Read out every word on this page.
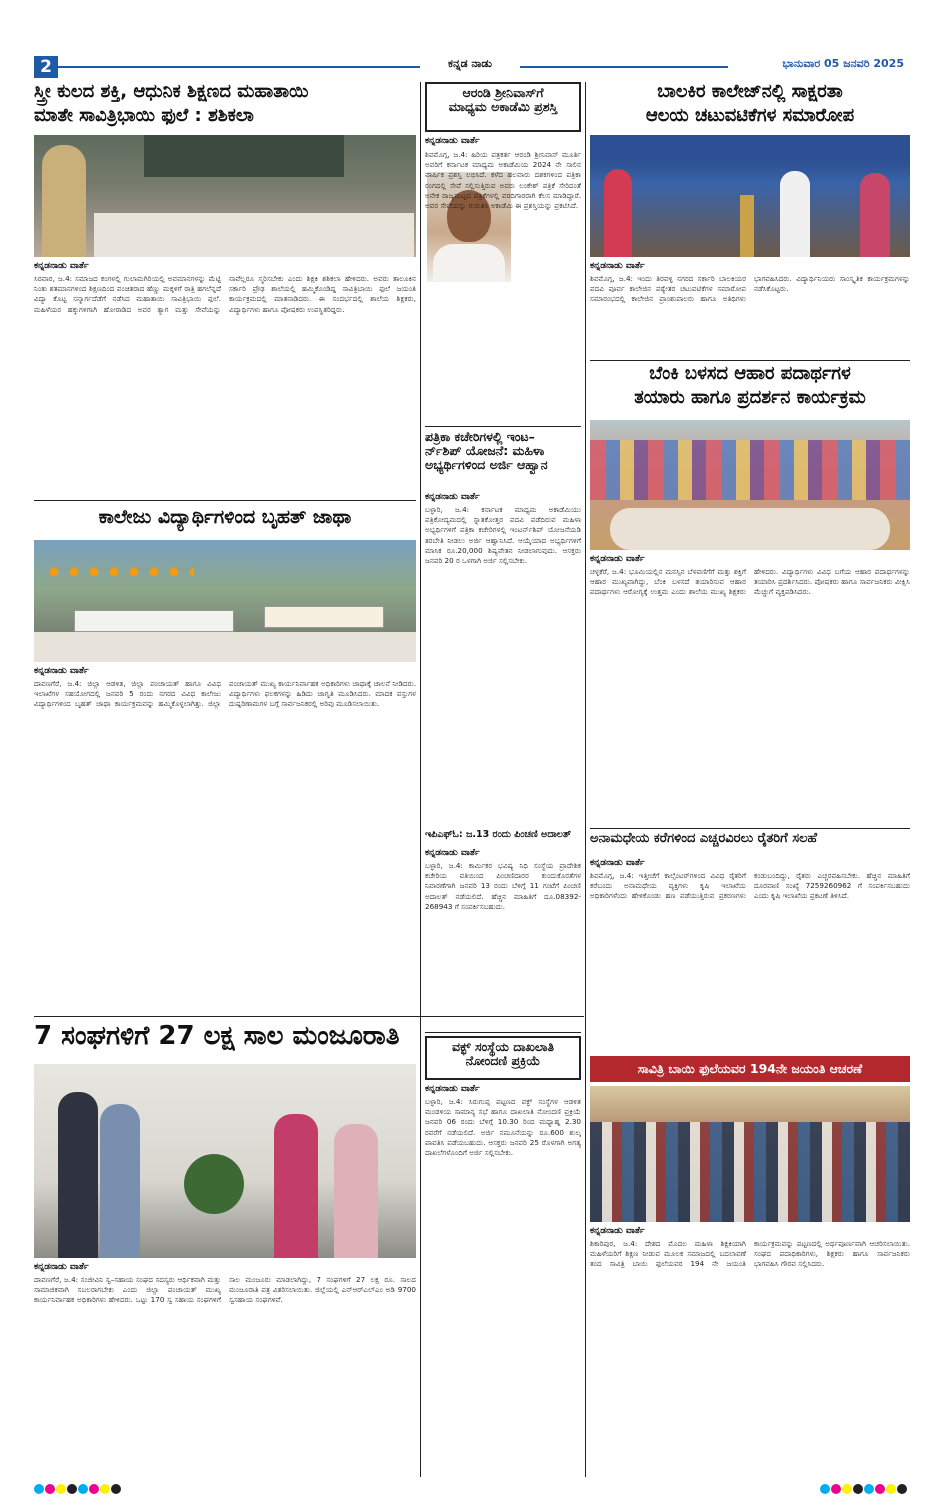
2	ಕನ್ನಡ ನಾಡು	ಭಾನುವಾರ 05 ಜನವರಿ 2025
ಸ್ತ್ರೀ ಕುಲದ ಶಕ್ತಿ, ಆಧುನಿಕ ಶಿಕ್ಷಣದ ಮಹಾತಾಯಿ
ಮಾತೇ ಸಾವಿತ್ರಿಭಾಯಿ ಫುಲೆ : ಶಶಿಕಲಾ
ಕನ್ನಡನಾಡು ವಾರ್ತೆ
ಸಿರವಾರ, ಜ.4: ಸಮಾಜದ ಕಂಗಳಲ್ಲಿ ಗುಲಾಮಗಿರಿಯಲ್ಲಿ ಅವಮಾನಗಳನ್ನು ಮೆಟ್ಟಿ ನಿಂತು ಶತಮಾನಗಳಿಂದ ಶಿಕ್ಷಣದಿಂದ ವಂಚಿತರಾದ ಹೆಣ್ಣು ಮಕ್ಕಳಿಗೆ ರಾತ್ರಿ ಹಗಲೆನ್ನದೆ ವಿದ್ಯಾ ಕೊಟ್ಟ ಸನ್ಮಾರ್ಗದೆಡೆಗೆ ನಡೆಸಿದ ಮಹಾತಾಯಿ ಸಾವಿತ್ರಿಭಾಯಿ ಫುಲೆ. ಮಹಿಳೆಯರ ಹಕ್ಕುಗಳಿಗಾಗಿ ಹೋರಾಡಿದ ಅವರ ತ್ಯಾಗ ಮತ್ತು ಸೇವೆಯನ್ನು ನಾವೆಲ್ಲರೂ ಸ್ಮರಿಸಬೇಕು ಎಂದು ಶಿಕ್ಷಕಿ ಶಶಿಕಲಾ ಹೇಳಿದರು. ಅವರು ತಾಲೂಕಿನ ಸರ್ಕಾರಿ ಪ್ರೌಢ ಶಾಲೆಯಲ್ಲಿ ಹಮ್ಮಿಕೊಂಡಿದ್ದ ಸಾವಿತ್ರಿಬಾಯಿ ಫುಲೆ ಜಯಂತಿ ಕಾರ್ಯಕ್ರಮದಲ್ಲಿ ಮಾತನಾಡಿದರು. ಈ ಸಂದರ್ಭದಲ್ಲಿ ಶಾಲೆಯ ಶಿಕ್ಷಕರು, ವಿದ್ಯಾರ್ಥಿಗಳು ಹಾಗೂ ಪೋಷಕರು ಉಪಸ್ಥಿತರಿದ್ದರು.
ಕಾಲೇಜು ವಿದ್ಯಾರ್ಥಿಗಳಿಂದ ಬೃಹತ್ ಜಾಥಾ
ಕನ್ನಡನಾಡು ವಾರ್ತೆ
ದಾವಣಗೆರೆ, ಜ.4: ಜಿಲ್ಲಾ ಆಡಳಿತ, ಜಿಲ್ಲಾ ಪಂಚಾಯತ್ ಹಾಗೂ ವಿವಿಧ ಇಲಾಖೆಗಳ ಸಹಯೋಗದಲ್ಲಿ ಜನವರಿ 5 ರಂದು ನಗರದ ವಿವಿಧ ಕಾಲೇಜು ವಿದ್ಯಾರ್ಥಿಗಳಿಂದ ಬೃಹತ್ ಜಾಥಾ ಕಾರ್ಯಕ್ರಮವನ್ನು ಹಮ್ಮಿಕೊಳ್ಳಲಾಗಿತ್ತು. ಜಿಲ್ಲಾ ಪಂಚಾಯತ್ ಮುಖ್ಯ ಕಾರ್ಯನಿರ್ವಾಹಕ ಅಧಿಕಾರಿಗಳು ಜಾಥಾಕ್ಕೆ ಚಾಲನೆ ನೀಡಿದರು. ವಿದ್ಯಾರ್ಥಿಗಳು ಫಲಕಗಳನ್ನು ಹಿಡಿದು ಜಾಗೃತಿ ಮೂಡಿಸಿದರು. ಮಾದಕ ವಸ್ತುಗಳ ದುಷ್ಪರಿಣಾಮಗಳ ಬಗ್ಗೆ ಸಾರ್ವಜನಿಕರಲ್ಲಿ ಅರಿವು ಮೂಡಿಸಲಾಯಿತು.
7 ಸಂಘಗಳಿಗೆ 27 ಲಕ್ಷ ಸಾಲ ಮಂಜೂರಾತಿ
ಕನ್ನಡನಾಡು ವಾರ್ತೆ
ದಾವಣಗೆರೆ, ಜ.4: ಸಂಜೀವಿನಿ ಸ್ವ–ಸಹಾಯ ಸಂಘದ ಸದಸ್ಯರು ಆರ್ಥಿಕವಾಗಿ ಮತ್ತು ಸಾಮಾಜಿಕವಾಗಿ ಸಬಲರಾಗಬೇಕು ಎಂದು ಜಿಲ್ಲಾ ಪಂಚಾಯತ್ ಮುಖ್ಯ ಕಾರ್ಯನಿರ್ವಾಹಕ ಅಧಿಕಾರಿಗಳು ಹೇಳಿದರು. ಒಟ್ಟು 170 ಸ್ವ ಸಹಾಯ ಸಂಘಗಳಿಗೆ ಸಾಲ ಮಂಜೂರು ಮಾಡಲಾಗಿದ್ದು, 7 ಸಂಘಗಳಿಗೆ 27 ಲಕ್ಷ ರೂ. ಸಾಲದ ಮಂಜೂರಾತಿ ಪತ್ರ ವಿತರಿಸಲಾಯಿತು. ಜಿಲ್ಲೆಯಲ್ಲಿ ಎನ್‌ಆರ್‌ಎಲ್‌ಎಂ ಅಡಿ 9700 ಸ್ವಸಹಾಯ ಸಂಘಗಳಿವೆ.
ಆರಂಡಿ ಶ್ರೀನಿವಾಸ್‌ಗೆ
ಮಾಧ್ಯಮ ಅಕಾಡೆಮಿ ಪ್ರಶಸ್ತಿ
ಕನ್ನಡನಾಡು ವಾರ್ತೆ
ಶಿವಮೊಗ್ಗ, ಜ.4: ಹಿರಿಯ ಪತ್ರಕರ್ತ ಆರಂಡಿ ಶ್ರೀನಿವಾಸ್ ಮೂರ್ತಿ ಅವರಿಗೆ ಕರ್ನಾಟಕ ಮಾಧ್ಯಮ ಅಕಾಡೆಮಿಯ 2024 ನೇ ಸಾಲಿನ ವಾರ್ಷಿಕ ಪ್ರಶಸ್ತಿ ಲಭಿಸಿದೆ. ಕಳೆದ ಹಲವಾರು ದಶಕಗಳಿಂದ ಪತ್ರಿಕಾ ರಂಗದಲ್ಲಿ ಸೇವೆ ಸಲ್ಲಿಸುತ್ತಿರುವ ಅವರು ಲಂಕೇಶ್ ಪತ್ರಿಕೆ ಸೇರಿದಂತೆ ಅನೇಕ ರಾಜ್ಯಮಟ್ಟದ ಪತ್ರಿಕೆಗಳಲ್ಲಿ ವರದಿಗಾರರಾಗಿ ಕೆಲಸ ಮಾಡಿದ್ದಾರೆ. ಅವರ ಸೇವೆಯನ್ನು ಗುರುತಿಸಿ ಅಕಾಡೆಮಿ ಈ ಪ್ರಶಸ್ತಿಯನ್ನು ಪ್ರಕಟಿಸಿದೆ.
ಪತ್ರಿಕಾ ಕಚೇರಿಗಳಲ್ಲಿ ಇಂಟ–
ರ್ನ್‌ಶಿಪ್ ಯೋಜನೆ: ಮಹಿಳಾ
ಅಭ್ಯರ್ಥಿಗಳಿಂದ ಅರ್ಜಿ ಆಹ್ವಾನ
ಕನ್ನಡನಾಡು ವಾರ್ತೆ
ಬಳ್ಳಾರಿ, ಜ.4: ಕರ್ನಾಟಕ ಮಾಧ್ಯಮ ಅಕಾಡೆಮಿಯು ಪತ್ರಿಕೋದ್ಯಮದಲ್ಲಿ ಸ್ನಾತಕೋತ್ತರ ಪದವಿ ಪಡೆದಿರುವ ಮಹಿಳಾ ಅಭ್ಯರ್ಥಿಗಳಿಗೆ ಪತ್ರಿಕಾ ಕಚೇರಿಗಳಲ್ಲಿ ಇಂಟರ್ನ್‌ಶಿಪ್ ಯೋಜನೆಯಡಿ ತರಬೇತಿ ನೀಡಲು ಅರ್ಜಿ ಆಹ್ವಾನಿಸಿದೆ. ಆಯ್ಕೆಯಾದ ಅಭ್ಯರ್ಥಿಗಳಿಗೆ ಮಾಸಿಕ ರೂ.20,000 ಶಿಷ್ಯವೇತನ ನೀಡಲಾಗುವುದು. ಆಸಕ್ತರು ಜನವರಿ 20 ರ ಒಳಗಾಗಿ ಅರ್ಜಿ ಸಲ್ಲಿಸಬೇಕು.
ಇಪಿಎಫ್‌ಓ: ಜ.13 ರಂದು ಪಿಂಚಣಿ ಅದಾಲತ್
ಕನ್ನಡನಾಡು ವಾರ್ತೆ
ಬಳ್ಳಾರಿ, ಜ.4: ಕಾರ್ಮಿಕರ ಭವಿಷ್ಯ ನಿಧಿ ಸಂಸ್ಥೆಯ ಪ್ರಾದೇಶಿಕ ಕಚೇರಿಯ ವತಿಯಿಂದ ಪಿಂಚಣಿದಾರರ ಕುಂದುಕೊರತೆಗಳ ನಿವಾರಣೆಗಾಗಿ ಜನವರಿ 13 ರಂದು ಬೆಳಿಗ್ಗೆ 11 ಗಂಟೆಗೆ ಪಿಂಚಣಿ ಅದಾಲತ್ ನಡೆಯಲಿದೆ. ಹೆಚ್ಚಿನ ಮಾಹಿತಿಗೆ ದೂ.08392-268943 ಗೆ ಸಂಪರ್ಕಿಸಬಹುದು.
ವಕ್ಫ್ ಸಂಸ್ಥೆಯ ದಾಖಲಾತಿ
ನೋಂದಣಿ ಪ್ರಕ್ರಿಯೆ
ಕನ್ನಡನಾಡು ವಾರ್ತೆ
ಬಳ್ಳಾರಿ, ಜ.4: ಸಿರುಗುಪ್ಪ ಪಟ್ಟಣದ ವಕ್ಫ್ ಸಂಸ್ಥೆಗಳ ಆಡಳಿತ ಮಂಡಳಿಯ ಸಾಮಾನ್ಯ ಸಭೆ ಹಾಗೂ ದಾಖಲಾತಿ ನೋಂದಣಿ ಪ್ರಕ್ರಿಯೆ ಜನವರಿ 06 ರಂದು ಬೆಳಿಗ್ಗೆ 10.30 ರಿಂದ ಮಧ್ಯಾಹ್ನ 2.30 ರವರೆಗೆ ನಡೆಯಲಿದೆ. ಅರ್ಜಿ ನಮೂನೆಯನ್ನು ರೂ.600 ಶುಲ್ಕ ಪಾವತಿಸಿ ಪಡೆಯಬಹುದು. ಆಸಕ್ತರು ಜನವರಿ 25 ರೊಳಗಾಗಿ ಅಗತ್ಯ ದಾಖಲೆಗಳೊಂದಿಗೆ ಅರ್ಜಿ ಸಲ್ಲಿಸಬೇಕು.
ಬಾಲಕಿರ ಕಾಲೇಜ್‌ನಲ್ಲಿ ಸಾಕ್ಷರತಾ
ಆಲಯ ಚಟುವಟಿಕೆಗಳ ಸಮಾರೋಪ
ಕನ್ನಡನಾಡು ವಾರ್ತೆ
ಶಿವಮೊಗ್ಗ, ಜ.4: ಇಂದು ತಿರವಳ್ಳಿ ನಗರದ ಸರ್ಕಾರಿ ಬಾಲಕಿಯರ ಪದವಿ ಪೂರ್ವ ಕಾಲೇಜಿನ ಪಠ್ಯೇತರ ಚಟುವಟಿಕೆಗಳ ಸಮಾರೋಪ ಸಮಾರಂಭದಲ್ಲಿ ಕಾಲೇಜಿನ ಪ್ರಾಂಶುಪಾಲರು ಹಾಗೂ ಅತಿಥಿಗಳು ಭಾಗವಹಿಸಿದರು. ವಿದ್ಯಾರ್ಥಿನಿಯರು ಸಾಂಸ್ಕೃತಿಕ ಕಾರ್ಯಕ್ರಮಗಳನ್ನು ನಡೆಸಿಕೊಟ್ಟರು.
ಬೆಂಕಿ ಬಳಸದ ಆಹಾರ ಪದಾರ್ಥಗಳ
ತಯಾರು ಹಾಗೂ ಪ್ರದರ್ಶನ ಕಾರ್ಯಕ್ರಮ
ಕನ್ನಡನಾಡು ವಾರ್ತೆ
ಚಳ್ಳಕೆರೆ, ಜ.4: ಭೂಮಿಯಲ್ಲಿನ ಮನಸ್ಸಿನ ಬೆಳವಣಿಗೆಗೆ ಮತ್ತು ಶಕ್ತಿಗೆ ಆಹಾರ ಮುಖ್ಯವಾಗಿದ್ದು, ಬೆಂಕಿ ಬಳಸದೆ ತಯಾರಿಸುವ ಆಹಾರ ಪದಾರ್ಥಗಳು ಆರೋಗ್ಯಕ್ಕೆ ಉತ್ತಮ ಎಂದು ಶಾಲೆಯ ಮುಖ್ಯ ಶಿಕ್ಷಕರು ಹೇಳಿದರು. ವಿದ್ಯಾರ್ಥಿಗಳು ವಿವಿಧ ಬಗೆಯ ಆಹಾರ ಪದಾರ್ಥಗಳನ್ನು ತಯಾರಿಸಿ ಪ್ರದರ್ಶಿಸಿದರು. ಪೋಷಕರು ಹಾಗೂ ಸಾರ್ವಜನಿಕರು ವೀಕ್ಷಿಸಿ ಮೆಚ್ಚುಗೆ ವ್ಯಕ್ತಪಡಿಸಿದರು.
ಅನಾಮಧೇಯ ಕರೆಗಳಿಂದ ಎಚ್ಚರವಿರಲು ರೈತರಿಗೆ ಸಲಹೆ
ಕನ್ನಡನಾಡು ವಾರ್ತೆ
ಶಿವಮೊಗ್ಗ, ಜ.4: ಇತ್ತೀಚೆಗೆ ಕಾಲ್ಸೆಂಟರ್‌ಗಳಿಂದ ವಿವಿಧ ರೈತರಿಗೆ ಕರೆಬಂದು ಅನಾಮಧೇಯ ವ್ಯಕ್ತಿಗಳು ಕೃಷಿ ಇಲಾಖೆಯ ಅಧಿಕಾರಿಗಳೆಂದು ಹೇಳಿಕೊಂಡು ಹಣ ಪಡೆಯುತ್ತಿರುವ ಪ್ರಕರಣಗಳು ಕಂಡುಬಂದಿದ್ದು, ರೈತರು ಎಚ್ಚರವಹಿಸಬೇಕು. ಹೆಚ್ಚಿನ ಮಾಹಿತಿಗೆ ದೂರವಾಣಿ ಸಂಖ್ಯೆ 7259260962 ಗೆ ಸಂಪರ್ಕಿಸಬಹುದು ಎಂದು ಕೃಷಿ ಇಲಾಖೆಯ ಪ್ರಕಟಣೆ ತಿಳಿಸಿದೆ.
ಸಾವಿತ್ರಿ ಬಾಯಿ ಫುಲೆಯವರ 194ನೇ ಜಯಂತಿ ಆಚರಣೆ
ಕನ್ನಡನಾಡು ವಾರ್ತೆ
ಶಿಕಾರಿಪುರ, ಜ.4: ದೇಶದ ಮೊದಲ ಮಹಿಳಾ ಶಿಕ್ಷಕಿಯಾಗಿ ಮಹಿಳೆಯರಿಗೆ ಶಿಕ್ಷಣ ನೀಡುವ ಮೂಲಕ ಸಮಾಜದಲ್ಲಿ ಬದಲಾವಣೆ ತಂದ ಸಾವಿತ್ರಿ ಬಾಯಿ ಫುಲೆಯವರ 194 ನೇ ಜಯಂತಿ ಕಾರ್ಯಕ್ರಮವನ್ನು ಪಟ್ಟಣದಲ್ಲಿ ಅರ್ಥಪೂರ್ಣವಾಗಿ ಆಚರಿಸಲಾಯಿತು. ಸಂಘದ ಪದಾಧಿಕಾರಿಗಳು, ಶಿಕ್ಷಕರು ಹಾಗೂ ಸಾರ್ವಜನಿಕರು ಭಾಗವಹಿಸಿ ಗೌರವ ಸಲ್ಲಿಸಿದರು.
